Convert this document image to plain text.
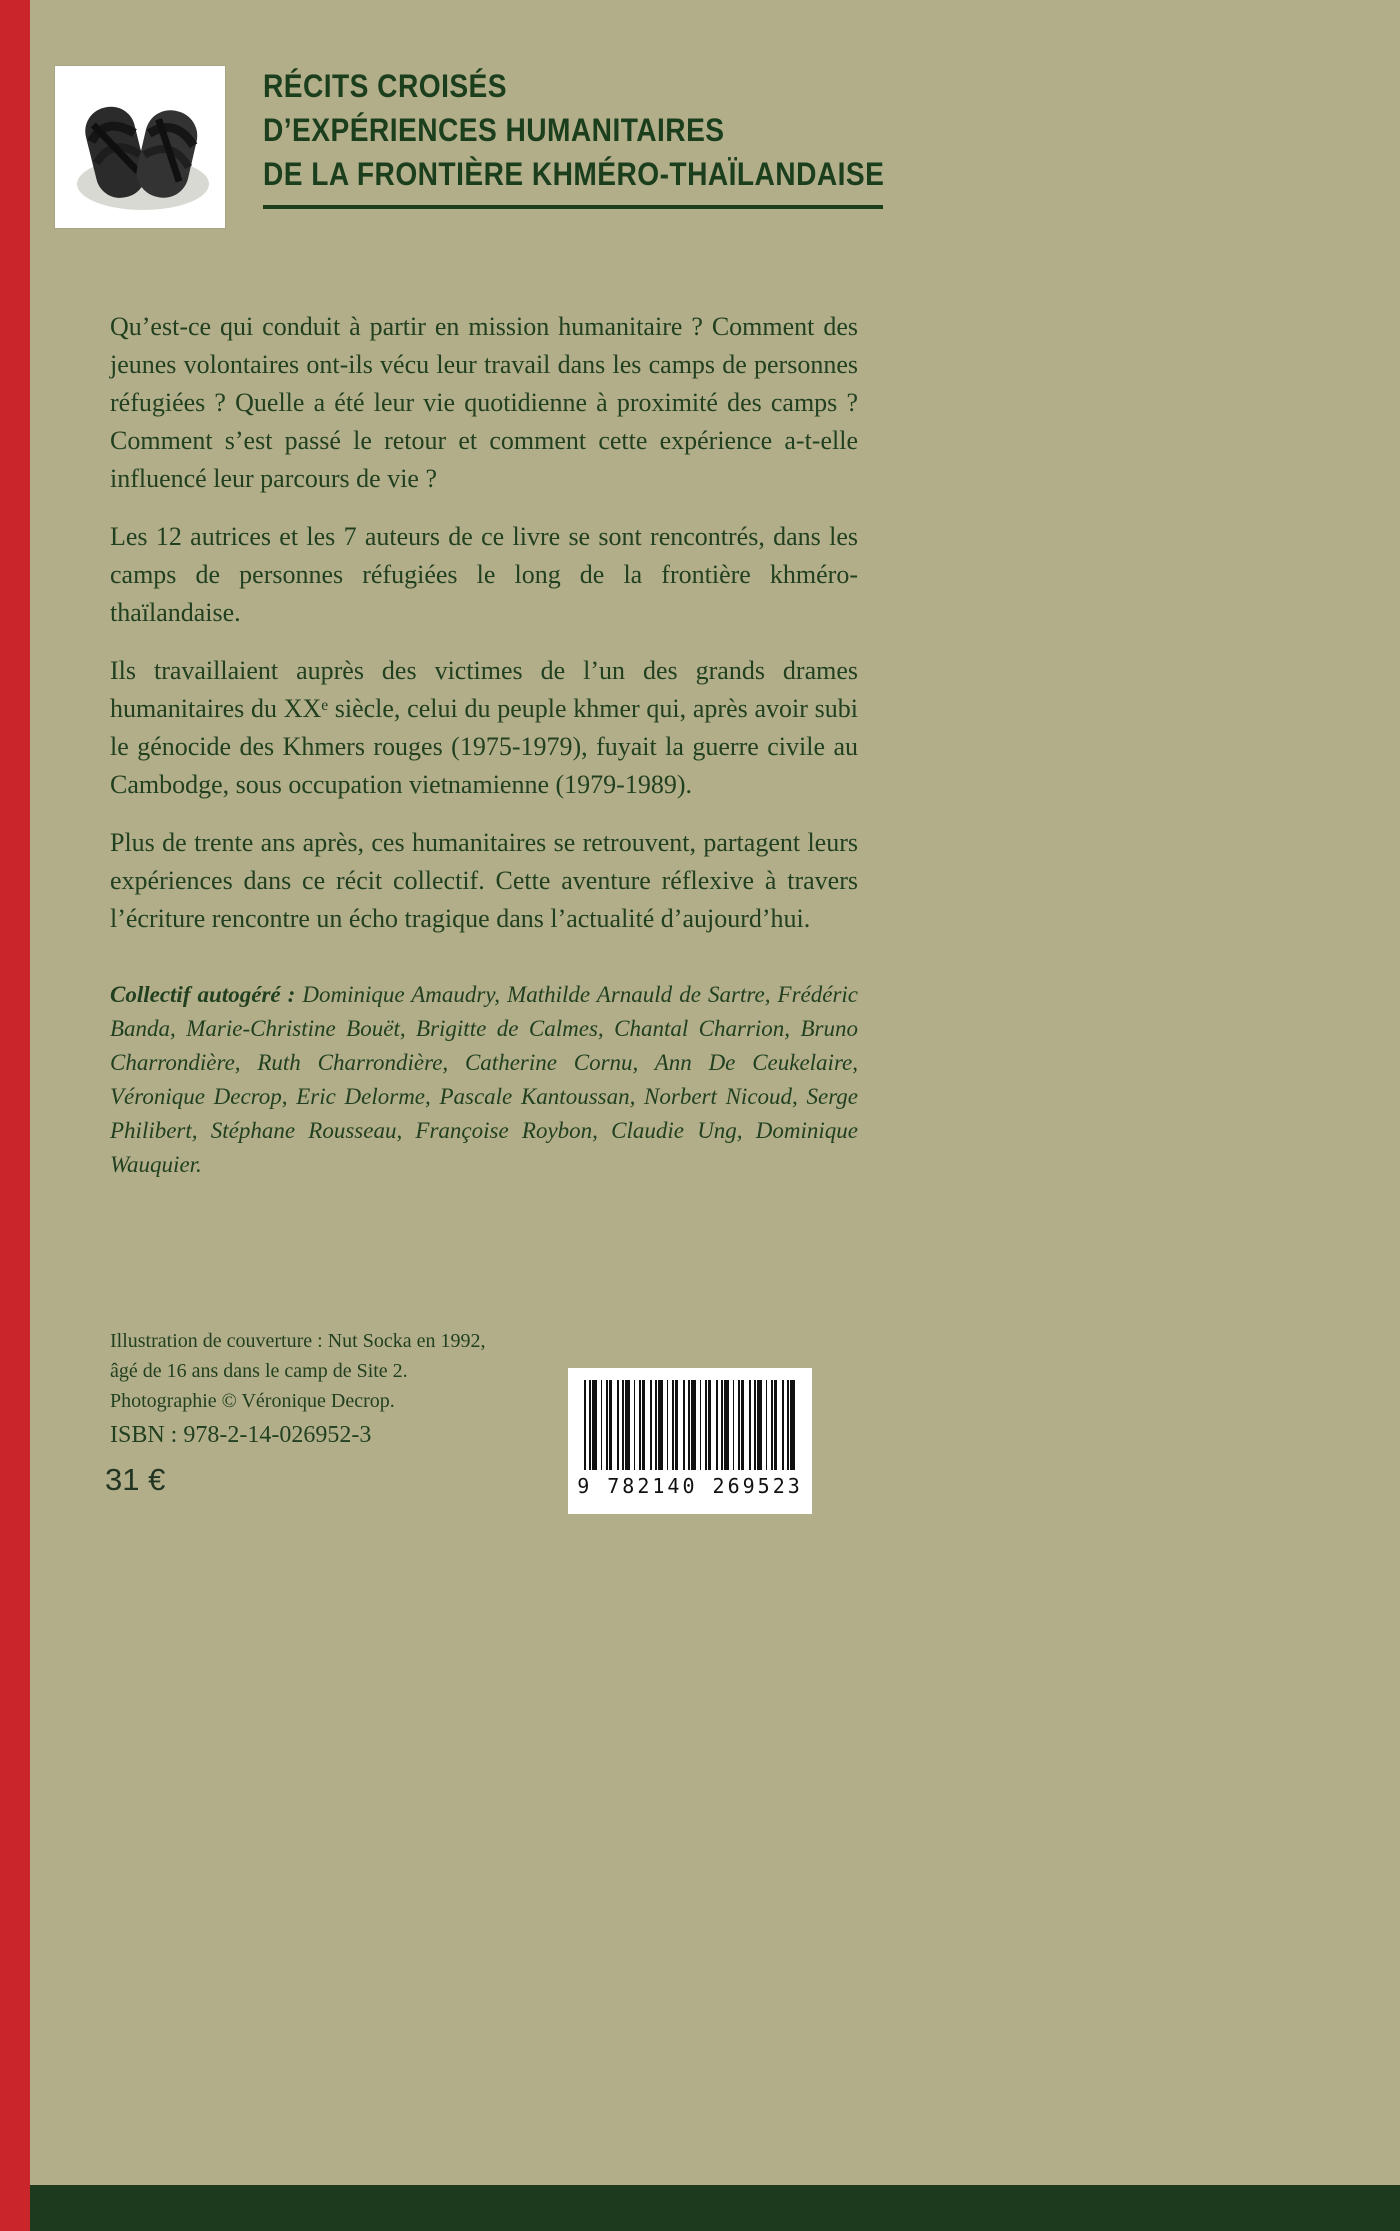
RÉCITS CROISÉS
D’EXPÉRIENCES HUMANITAIRES
DE LA FRONTIÈRE KHMÉRO-THAÏLANDAISE

Qu’est-ce qui conduit à partir en mission humanitaire ? Comment des jeunes volontaires ont-ils vécu leur travail dans les camps de personnes réfugiées ? Quelle a été leur vie quotidienne à proximité des camps ? Comment s’est passé le retour et comment cette expérience a-t-elle influencé leur parcours de vie ?

Les 12 autrices et les 7 auteurs de ce livre se sont rencontrés, dans les camps de personnes réfugiées le long de la frontière khméro-thaïlandaise.

Ils travaillaient auprès des victimes de l’un des grands drames humanitaires du XXᵉ siècle, celui du peuple khmer qui, après avoir subi le génocide des Khmers rouges (1975-1979), fuyait la guerre civile au Cambodge, sous occupation vietnamienne (1979-1989).

Plus de trente ans après, ces humanitaires se retrouvent, partagent leurs expériences dans ce récit collectif. Cette aventure réflexive à travers l’écriture rencontre un écho tragique dans l’actualité d’aujourd’hui.

Collectif autogéré : Dominique Amaudry, Mathilde Arnauld de Sartre, Frédéric Banda, Marie-Christine Bouët, Brigitte de Calmes, Chantal Charrion, Bruno Charrondière, Ruth Charrondière, Catherine Cornu, Ann De Ceukelaire, Véronique Decrop, Eric Delorme, Pascale Kantoussan, Norbert Nicoud, Serge Philibert, Stéphane Rousseau, Françoise Roybon, Claudie Ung, Dominique Wauquier.

Illustration de couverture : Nut Socka en 1992,
âgé de 16 ans dans le camp de Site 2.
Photographie © Véronique Decrop.
ISBN : 978-2-14-026952-3
31 €	9 782140 269523
